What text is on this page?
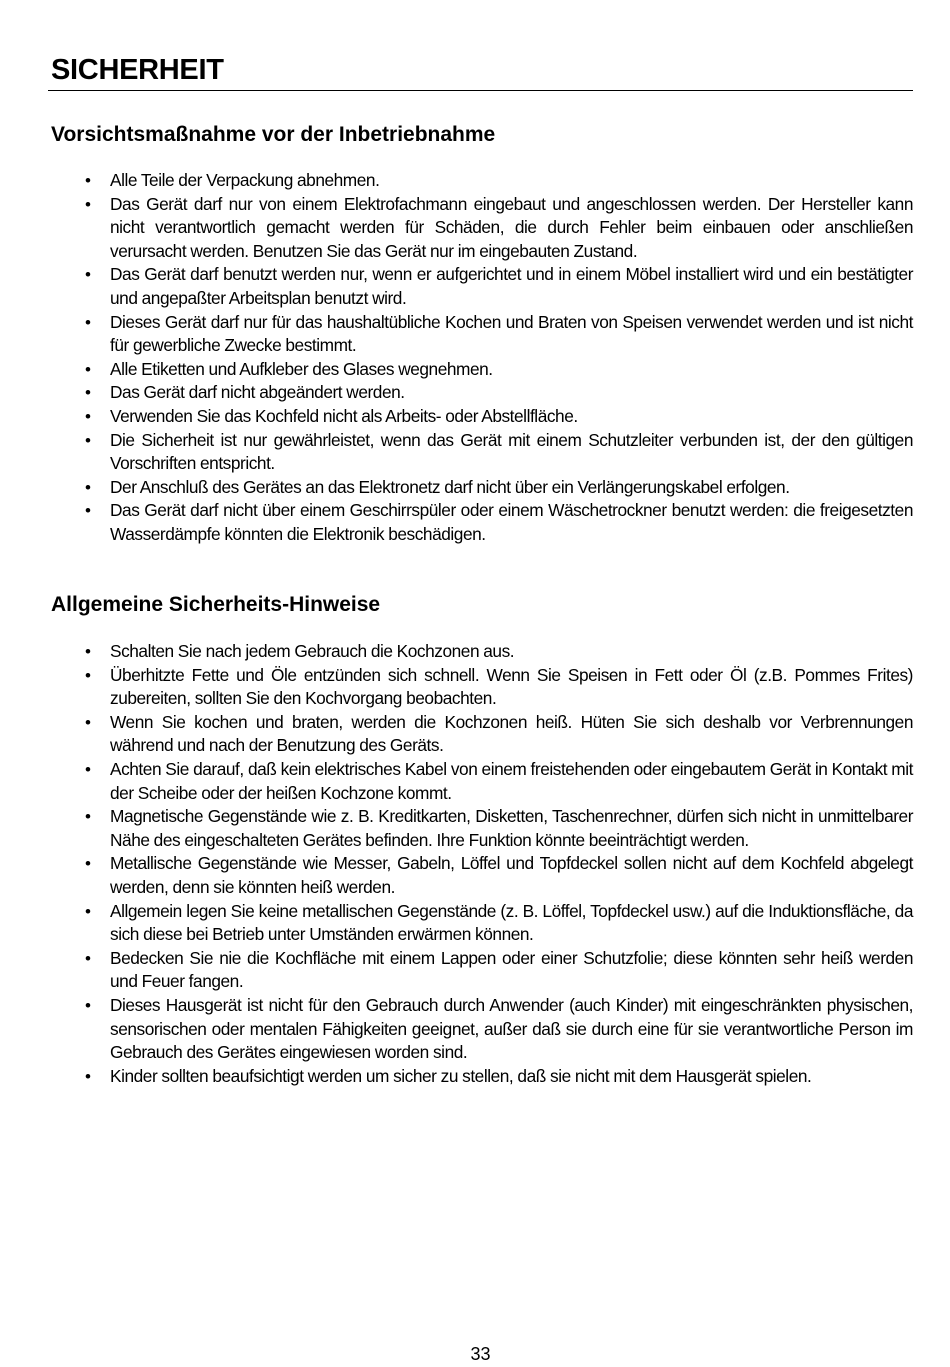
SICHERHEIT
Vorsichtsmaßnahme vor der Inbetriebnahme
• Alle Teile der Verpackung abnehmen.
• Das Gerät darf nur von einem Elektrofachmann eingebaut und angeschlossen werden. Der Hersteller kann nicht verantwortlich gemacht werden für Schäden, die durch Fehler beim einbauen oder anschließen verursacht werden. Benutzen Sie das Gerät nur im eingebauten Zustand.
• Das Gerät darf benutzt werden nur, wenn er aufgerichtet und in einem Möbel installiert wird und ein bestätigter und angepaßter Arbeitsplan benutzt wird.
• Dieses Gerät darf nur für das haushaltübliche Kochen und Braten von Speisen verwendet werden und ist nicht für gewerbliche Zwecke bestimmt.
• Alle Etiketten und Aufkleber des Glases wegnehmen.
• Das Gerät darf nicht abgeändert werden.
• Verwenden Sie das Kochfeld nicht als Arbeits- oder Abstellfläche.
• Die Sicherheit ist nur gewährleistet, wenn das Gerät mit einem Schutzleiter verbunden ist, der den gültigen Vorschriften entspricht.
• Der Anschluß des Gerätes an das Elektronetz darf nicht über ein Verlängerungskabel erfolgen.
• Das Gerät darf nicht über einem Geschirrspüler oder einem Wäschetrockner benutzt werden: die freigesetzten Wasserdämpfe könnten die Elektronik beschädigen.
Allgemeine Sicherheits-Hinweise
• Schalten Sie nach jedem Gebrauch die Kochzonen aus.
• Überhitzte Fette und Öle entzünden sich schnell. Wenn Sie Speisen in Fett oder Öl (z.B. Pommes Frites) zubereiten, sollten Sie den Kochvorgang beobachten.
• Wenn Sie kochen und braten, werden die Kochzonen heiß. Hüten Sie sich deshalb vor Verbrennungen während und nach der Benutzung des Geräts.
• Achten Sie darauf, daß kein elektrisches Kabel von einem freistehenden oder eingebautem Gerät in Kontakt mit der Scheibe oder der heißen Kochzone kommt.
• Magnetische Gegenstände wie z. B. Kreditkarten, Disketten, Taschenrechner, dürfen sich nicht in unmittelbarer Nähe des eingeschalteten Gerätes befinden. Ihre Funktion könnte beeinträchtigt werden.
• Metallische Gegenstände wie Messer, Gabeln, Löffel und Topfdeckel sollen nicht auf dem Kochfeld abgelegt werden, denn sie könnten heiß werden.
• Allgemein legen Sie keine metallischen Gegenstände (z. B. Löffel, Topfdeckel usw.) auf die Induktionsfläche, da sich diese bei Betrieb unter Umständen erwärmen können.
• Bedecken Sie nie die Kochfläche mit einem Lappen oder einer Schutzfolie; diese könnten sehr heiß werden und Feuer fangen.
• Dieses Hausgerät ist nicht für den Gebrauch durch Anwender (auch Kinder) mit eingeschränkten physischen, sensorischen oder mentalen Fähigkeiten geeignet, außer daß sie durch eine für sie verantwortliche Person im Gebrauch des Gerätes eingewiesen worden sind.
• Kinder sollten beaufsichtigt werden um sicher zu stellen, daß sie nicht mit dem Hausgerät spielen.
33
